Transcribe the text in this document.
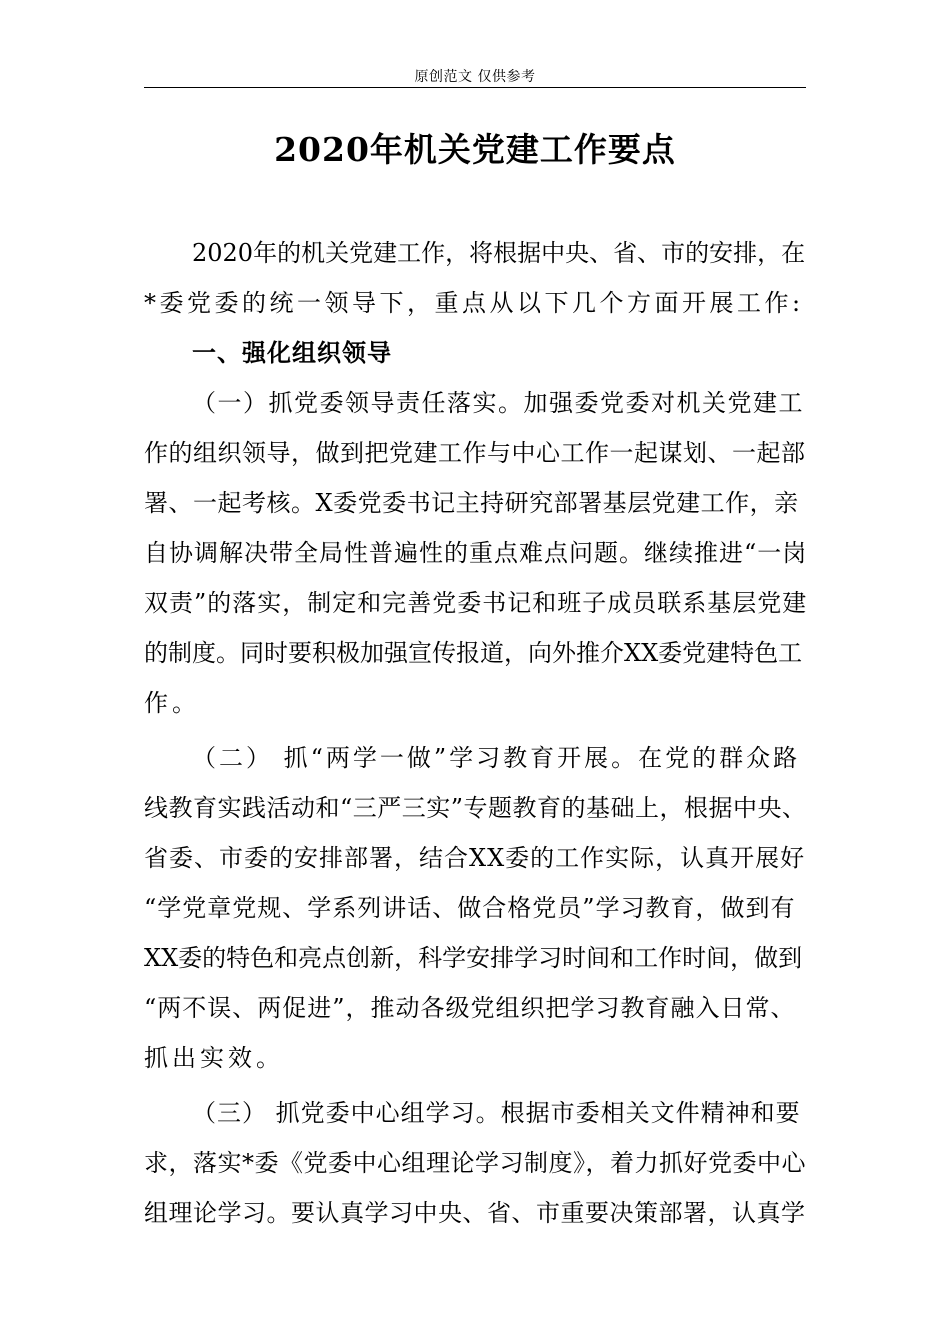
原创范文 仅供参考
2020年机关党建工作要点
2020年的机关党建工作，将根据中央、省、市的安排，在
*委党委的统一领导下，重点从以下几个方面开展工作:
一、强化组织领导
（一）抓党委领导责任落实。加强委党委对机关党建工
作的组织领导，做到把党建工作与中心工作一起谋划、一起部
署、一起考核。X委党委书记主持研究部署基层党建工作，亲
自协调解决带全局性普遍性的重点难点问题。继续推进“一岗
双责”的落实，制定和完善党委书记和班子成员联系基层党建
的制度。同时要积极加强宣传报道，向外推介XX委党建特色工
作。
（二） 抓“两学一做”学习教育开展。在党的群众路
线教育实践活动和“三严三实”专题教育的基础上，根据中央、
省委、市委的安排部署，结合XX委的工作实际，认真开展好
“学党章党规、学系列讲话、做合格党员”学习教育，做到有
XX委的特色和亮点创新，科学安排学习时间和工作时间，做到
“两不误、两促进”，推动各级党组织把学习教育融入日常、
抓出实效。
（三） 抓党委中心组学习。根据市委相关文件精神和要
求，落实*委《党委中心组理论学习制度》，着力抓好党委中心
组理论学习。要认真学习中央、省、市重要决策部署，认真学
